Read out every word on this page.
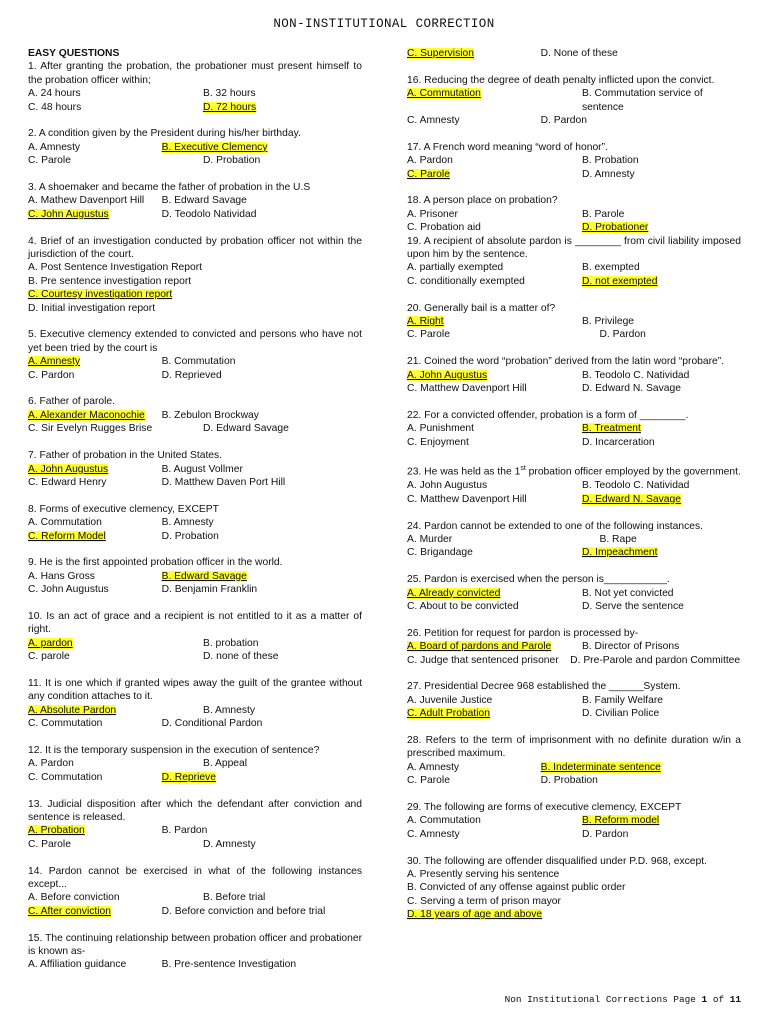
NON-INSTITUTIONAL CORRECTION
EASY QUESTIONS
1. After granting the probation, the probationer must present himself to the probation officer within;
A. 24 hours	B. 32 hours
C. 48 hours	D. 72 hours
2. A condition given by the President during his/her birthday.
A. Amnesty	B. Executive Clemency
C. Parole	D. Probation
3. A shoemaker and became the father of probation in the U.S
A. Mathew Davenport Hill	B. Edward Savage
C. John Augustus	D. Teodolo Natividad
4. Brief of an investigation conducted by probation officer not within the jurisdiction of the court.
A. Post Sentence Investigation Report
B. Pre sentence investigation report
C. Courtesy investigation report
D. Initial investigation report
5. Executive clemency extended to convicted and persons who have not yet been tried by the court is
A. Amnesty	B. Commutation
C. Pardon	D. Reprieved
6. Father of parole.
A. Alexander Maconochie	B. Zebulon Brockway
C. Sir Evelyn Rugges Brise	D. Edward Savage
7. Father of probation in the United States.
A. John Augustus	B. August Vollmer
C. Edward Henry	D. Matthew Daven Port Hill
8. Forms of executive clemency, EXCEPT
A. Commutation	B. Amnesty
C. Reform Model	D. Probation
9. He is the first appointed probation officer in the world.
A. Hans Gross	B. Edward Savage
C. John Augustus	D. Benjamin Franklin
10. Is an act of grace and a recipient is not entitled to it as a matter of right.
A. pardon	B. probation
C. parole	D. none of these
11. It is one which if granted wipes away the guilt of the grantee without any condition attaches to it.
A. Absolute Pardon	B. Amnesty
C. Commutation	D. Conditional Pardon
12. It is the temporary suspension in the execution of sentence?
A. Pardon	B. Appeal
C. Commutation	D. Reprieve
13. Judicial disposition after which the defendant after conviction and sentence is released.
A. Probation	B. Pardon
C. Parole	D. Amnesty
14. Pardon cannot be exercised in what of the following instances except...
A. Before conviction	B. Before trial
C. After conviction	D. Before conviction and before trial
15. The continuing relationship between probation officer and probationer is known as-
A. Affiliation guidance	B. Pre-sentence Investigation
C. Supervision	D. None of these
16. Reducing the degree of death penalty inflicted upon the convict.
A. Commutation	B. Commutation service of sentence
C. Amnesty	D. Pardon
17. A French word meaning “word of honor”.
A. Pardon	B. Probation
C. Parole	D. Amnesty
18. A person place on probation?
A. Prisoner	B. Parole
C. Probation aid	D. Probationer
19. A recipient of absolute pardon is ________ from civil liability imposed upon him by the sentence.
A. partially exempted	B. exempted
C. conditionally exempted	D. not exempted
20. Generally bail is a matter of?
A. Right	B. Privilege
C. Parole	D. Pardon
21. Coined the word “probation” derived from the latin word “probare”.
A. John Augustus	B. Teodolo C. Natividad
C. Matthew Davenport Hill	D. Edward N. Savage
22. For a convicted offender, probation is a form of ________.
A. Punishment	B. Treatment
C. Enjoyment	D. Incarceration
23. He was held as the 1st probation officer employed by the government.
A. John Augustus	B. Teodolo C. Natividad
C. Matthew Davenport Hill	D. Edward N. Savage
24. Pardon cannot be extended to one of the following instances.
A. Murder	B. Rape
C. Brigandage	D. Impeachment
25. Pardon is exercised when the person is___________.
A. Already convicted	B. Not yet convicted
C. About to be convicted	D. Serve the sentence
26. Petition for request for pardon is processed by-
A. Board of pardons and Parole	B. Director of Prisons
C. Judge that sentenced prisoner D. Pre-Parole and pardon Committee
27. Presidential Decree 968 established the ______System.
A. Juvenile Justice	B. Family Welfare
C. Adult Probation	D. Civilian Police
28. Refers to the term of imprisonment with no definite duration w/in a prescribed maximum.
A. Amnesty	B. Indeterminate sentence
C. Parole	D. Probation
29. The following are forms of executive clemency, EXCEPT
A. Commutation	B. Reform model
C. Amnesty	D. Pardon
30. The following are offender disqualified under P.D. 968, except.
A. Presently serving his sentence
B. Convicted of any offense against public order
C. Serving a term of prison mayor
D. 18 years of age and above
Non Institutional Corrections Page 1 of 11
